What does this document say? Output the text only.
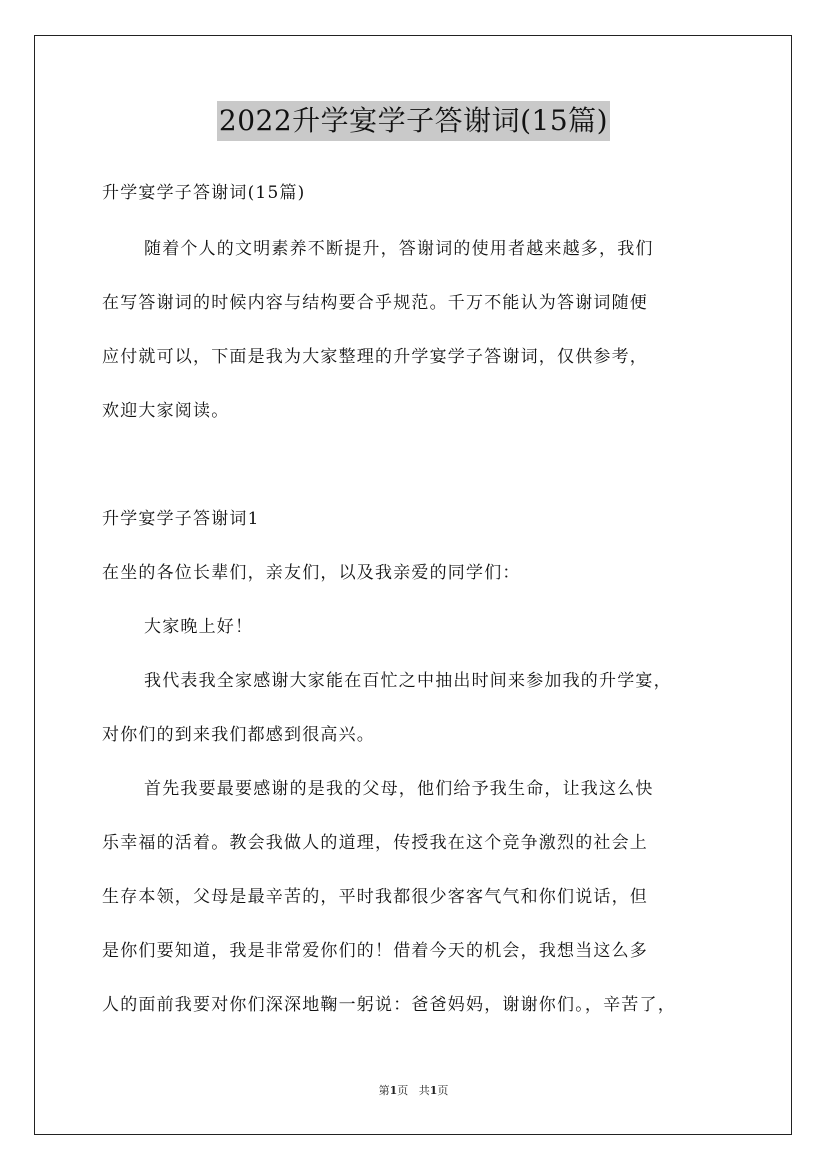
2022升学宴学子答谢词(15篇)
升学宴学子答谢词(15篇)
随着个人的文明素养不断提升，答谢词的使用者越来越多，我们
在写答谢词的时候内容与结构要合乎规范。千万不能认为答谢词随便
应付就可以，下面是我为大家整理的升学宴学子答谢词，仅供参考，
欢迎大家阅读。
升学宴学子答谢词1
在坐的各位长辈们，亲友们，以及我亲爱的同学们：
大家晚上好！
我代表我全家感谢大家能在百忙之中抽出时间来参加我的升学宴，
对你们的到来我们都感到很高兴。
首先我要最要感谢的是我的父母，他们给予我生命，让我这么快
乐幸福的活着。教会我做人的道理，传授我在这个竞争激烈的社会上
生存本领，父母是最辛苦的，平时我都很少客客气气和你们说话，但
是你们要知道，我是非常爱你们的！借着今天的机会，我想当这么多
人的面前我要对你们深深地鞠一躬说：爸爸妈妈，谢谢你们。，辛苦了，
第1页 共1页
